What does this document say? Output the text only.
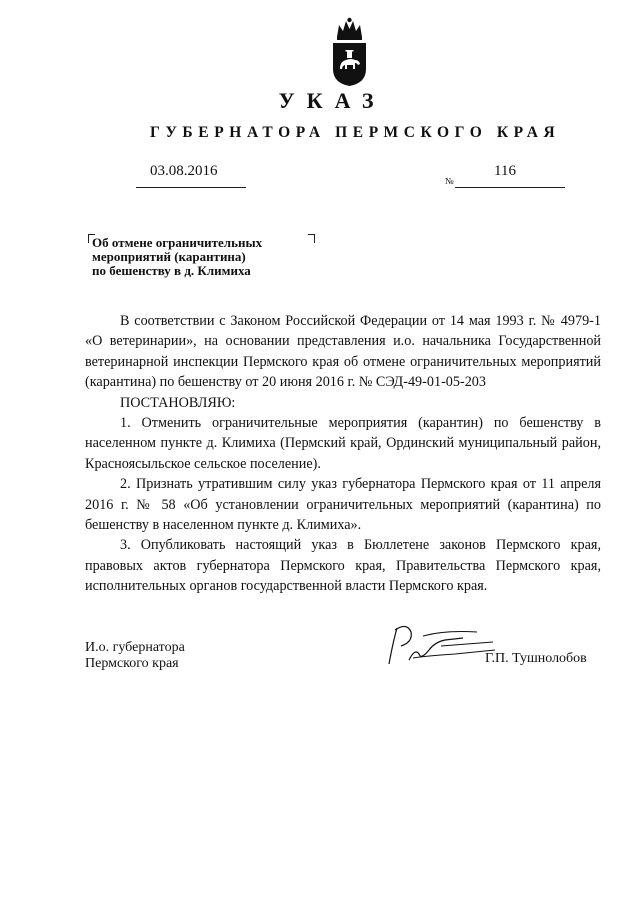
УКАЗ
ГУБЕРНАТОРА ПЕРМСКОГО КРАЯ
03.08.2016
№
116
Об отмене ограничительных
мероприятий (карантина)
по бешенству в д. Климиха

В соответствии с Законом Российской Федерации от 14 мая 1993 г. № 4979-1 «О ветеринарии», на основании представления и.о. начальника Государственной ветеринарной инспекции Пермского края об отмене ограничительных мероприятий (карантина) по бешенству от 20 июня 2016 г. № СЭД-49-01-05-203

ПОСТАНОВЛЯЮ:

1. Отменить ограничительные мероприятия (карантин) по бешенству в населенном пункте д. Климиха (Пермский край, Ординский муниципальный район, Красноясыльское сельское поселение).

2. Признать утратившим силу указ губернатора Пермского края от 11 апреля 2016 г. № 58 «Об установлении ограничительных мероприятий (карантина) по бешенству в населенном пункте д. Климиха».

3. Опубликовать настоящий указ в Бюллетене законов Пермского края, правовых актов губернатора Пермского края, Правительства Пермского края, исполнительных органов государственной власти Пермского края.

И.о. губернатора
Пермского края	Г.П. Тушнолобов
